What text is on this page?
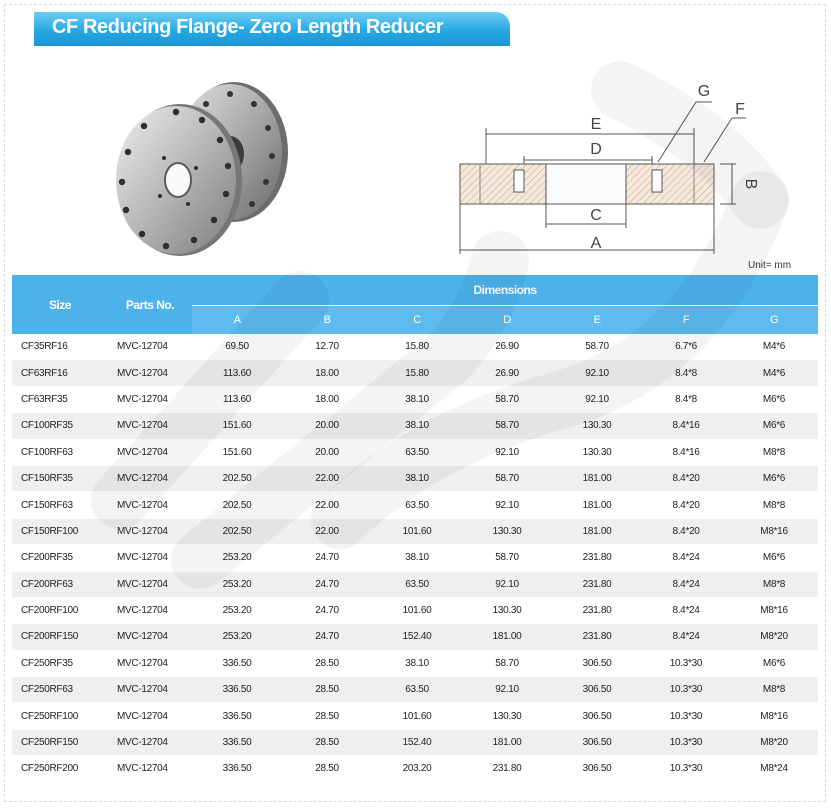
CF Reducing Flange- Zero Length Reducer
E
G
F
D
B
C
A
Unit= mm
Size	Parts No.	Dimensions						
		A	B	C	D	E	F	G
CF35RF16	MVC-12704	69.50	12.70	15.80	26.90	58.70	6.7*6	M4*6
CF63RF16	MVC-12704	113.60	18.00	15.80	26.90	92.10	8.4*8	M4*6
CF63RF35	MVC-12704	113.60	18.00	38.10	58.70	92.10	8.4*8	M6*6
CF100RF35	MVC-12704	151.60	20.00	38.10	58.70	130.30	8.4*16	M6*6
CF100RF63	MVC-12704	151.60	20.00	63.50	92.10	130.30	8.4*16	M8*8
CF150RF35	MVC-12704	202.50	22.00	38.10	58.70	181.00	8.4*20	M6*6
CF150RF63	MVC-12704	202.50	22.00	63.50	92.10	181.00	8.4*20	M8*8
CF150RF100	MVC-12704	202.50	22.00	101.60	130.30	181.00	8.4*20	M8*16
CF200RF35	MVC-12704	253.20	24.70	38.10	58.70	231.80	8.4*24	M6*6
CF200RF63	MVC-12704	253.20	24.70	63.50	92.10	231.80	8.4*24	M8*8
CF200RF100	MVC-12704	253.20	24.70	101.60	130.30	231.80	8.4*24	M8*16
CF200RF150	MVC-12704	253.20	24.70	152.40	181.00	231.80	8.4*24	M8*20
CF250RF35	MVC-12704	336.50	28.50	38.10	58.70	306.50	10.3*30	M6*6
CF250RF63	MVC-12704	336.50	28.50	63.50	92.10	306.50	10.3*30	M8*8
CF250RF100	MVC-12704	336.50	28.50	101.60	130.30	306.50	10.3*30	M8*16
CF250RF150	MVC-12704	336.50	28.50	152.40	181.00	306.50	10.3*30	M8*20
CF250RF200	MVC-12704	336.50	28.50	203.20	231.80	306.50	10.3*30	M8*24
